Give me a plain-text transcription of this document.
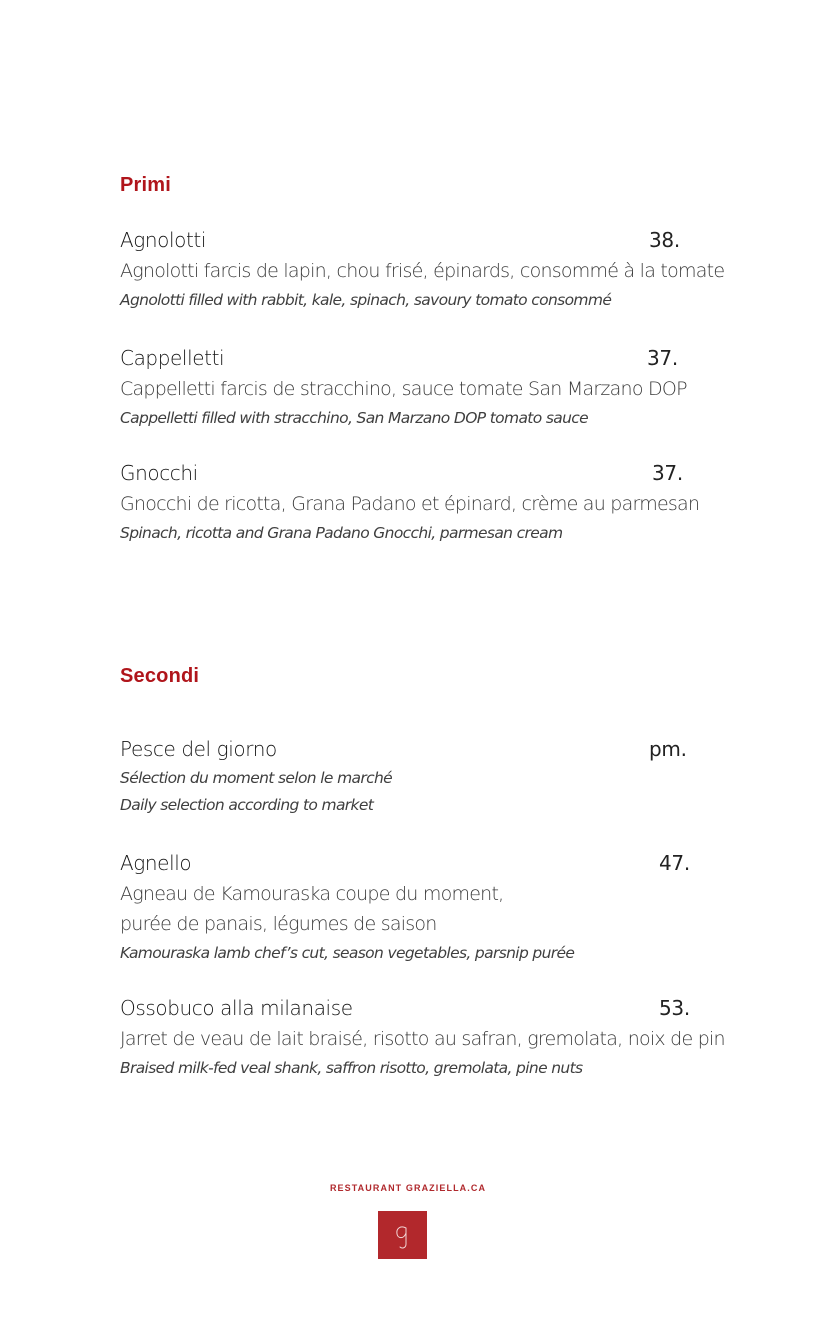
Primi
Agnolotti	38.
Agnolotti farcis de lapin, chou frisé, épinards, consommé à la tomate
Agnolotti filled with rabbit, kale, spinach, savoury tomato consommé
Cappelletti	37.
Cappelletti farcis de stracchino, sauce tomate San Marzano DOP
Cappelletti filled with stracchino, San Marzano DOP tomato sauce
Gnocchi	37.
Gnocchi de ricotta, Grana Padano et épinard, crème au parmesan
Spinach, ricotta and Grana Padano Gnocchi, parmesan cream
Secondi
Pesce del giorno	pm.
Sélection du moment selon le marché
Daily selection according to market
Agnello	47.
Agneau de Kamouraska coupe du moment,
purée de panais, légumes de saison
Kamouraska lamb chef’s cut, season vegetables, parsnip purée
Ossobuco alla milanaise	53.
Jarret de veau de lait braisé, risotto au safran, gremolata, noix de pin
Braised milk-fed veal shank, saffron risotto, gremolata, pine nuts

RESTAURANT GRAZIELLA.CA
